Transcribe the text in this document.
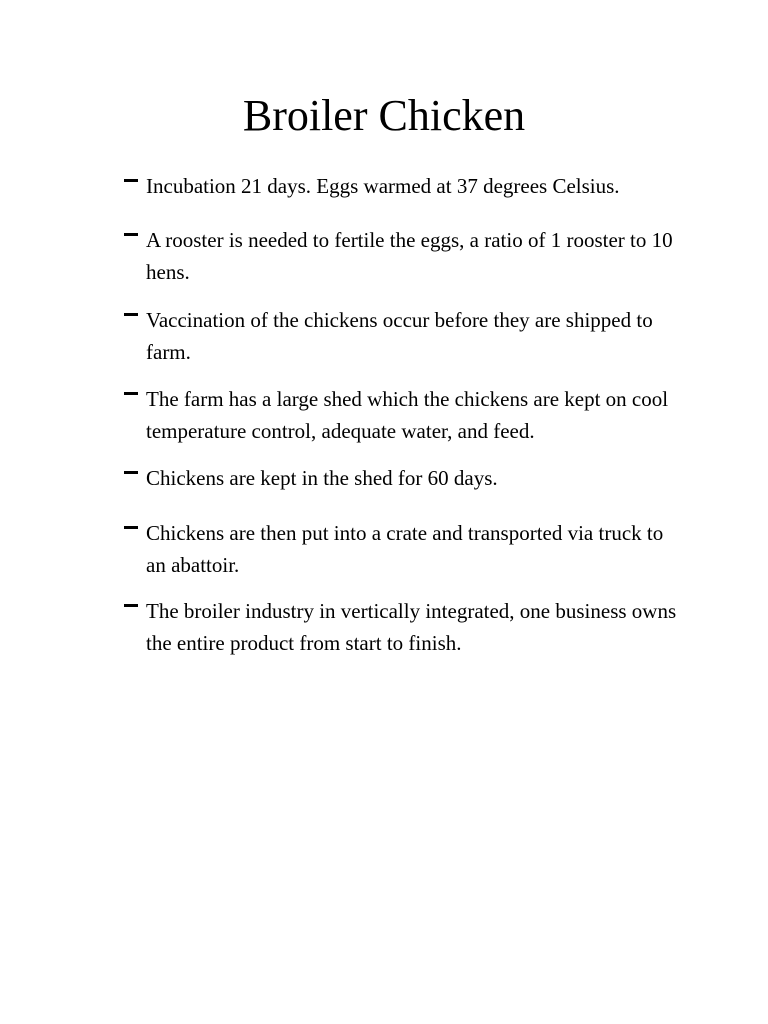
Broiler Chicken

Incubation 21 days. Eggs warmed at 37 degrees Celsius.

A rooster is needed to fertile the eggs, a ratio of 1 rooster to 10 hens.

Vaccination of the chickens occur before they are shipped to farm.

The farm has a large shed which the chickens are kept on cool temperature control, adequate water, and feed.

Chickens are kept in the shed for 60 days.

Chickens are then put into a crate and transported via truck to an abattoir.

The broiler industry in vertically integrated, one business owns the entire product from start to finish.
